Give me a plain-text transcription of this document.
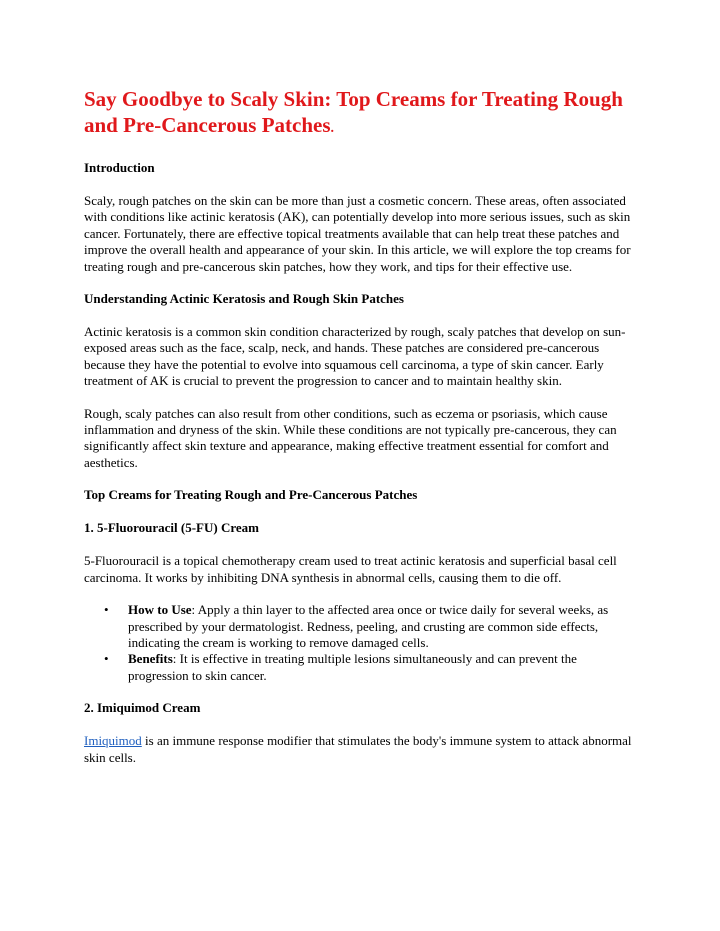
Say Goodbye to Scaly Skin: Top Creams for Treating Rough and Pre-Cancerous Patches.
Introduction

Scaly, rough patches on the skin can be more than just a cosmetic concern. These areas, often associated with conditions like actinic keratosis (AK), can potentially develop into more serious issues, such as skin cancer. Fortunately, there are effective topical treatments available that can help treat these patches and improve the overall health and appearance of your skin. In this article, we will explore the top creams for treating rough and pre-cancerous skin patches, how they work, and tips for their effective use.

Understanding Actinic Keratosis and Rough Skin Patches

Actinic keratosis is a common skin condition characterized by rough, scaly patches that develop on sun-exposed areas such as the face, scalp, neck, and hands. These patches are considered pre-cancerous because they have the potential to evolve into squamous cell carcinoma, a type of skin cancer. Early treatment of AK is crucial to prevent the progression to cancer and to maintain healthy skin.

Rough, scaly patches can also result from other conditions, such as eczema or psoriasis, which cause inflammation and dryness of the skin. While these conditions are not typically pre-cancerous, they can significantly affect skin texture and appearance, making effective treatment essential for comfort and aesthetics.

Top Creams for Treating Rough and Pre-Cancerous Patches
1. 5-Fluorouracil (5-FU) Cream

5-Fluorouracil is a topical chemotherapy cream used to treat actinic keratosis and superficial basal cell carcinoma. It works by inhibiting DNA synthesis in abnormal cells, causing them to die off.

• How to Use: Apply a thin layer to the affected area once or twice daily for several weeks, as prescribed by your dermatologist. Redness, peeling, and crusting are common side effects, indicating the cream is working to remove damaged cells.
• Benefits: It is effective in treating multiple lesions simultaneously and can prevent the progression to skin cancer.
2. Imiquimod Cream

Imiquimod is an immune response modifier that stimulates the body's immune system to attack abnormal skin cells.
